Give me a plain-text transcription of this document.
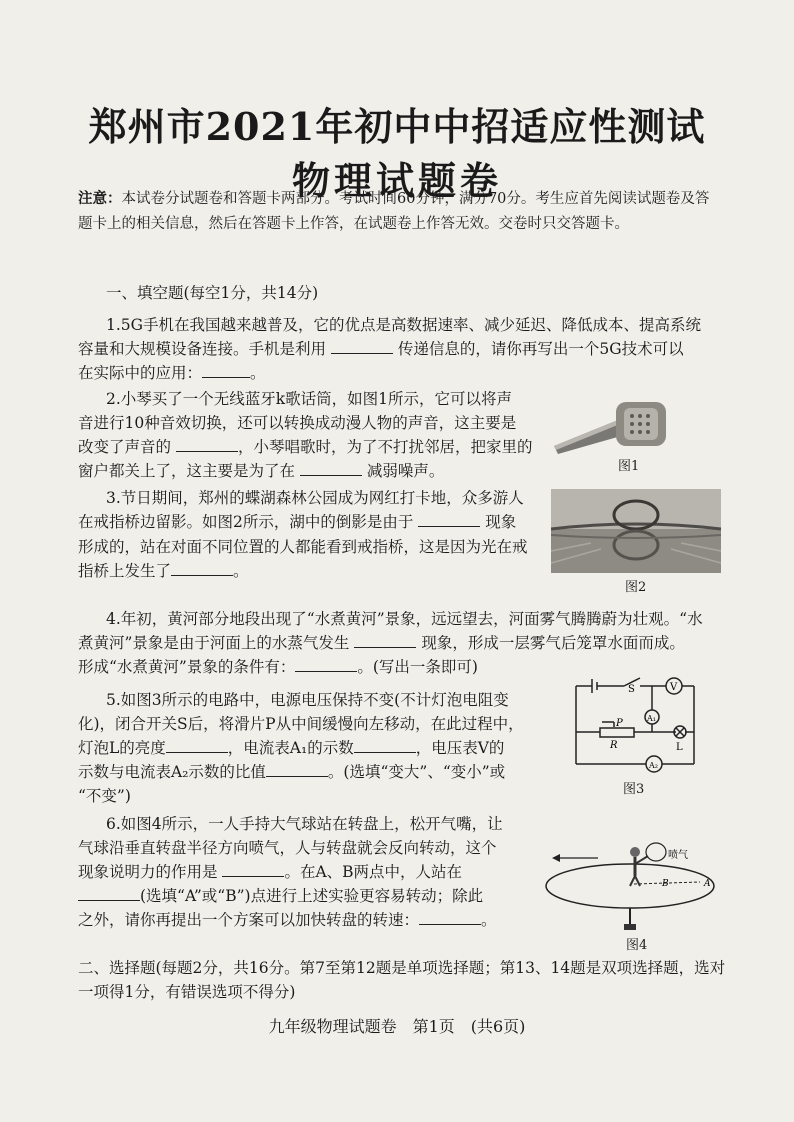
郑州市2021年初中中招适应性测试
物理试题卷
注意：本试卷分试题卷和答题卡两部分。考试时间60分钟，满分70分。考生应首先阅读试题卷及答题卡上的相关信息，然后在答题卡上作答，在试题卷上作答无效。交卷时只交答题卡。
一、填空题(每空1分，共14分)
1.5G手机在我国越来越普及，它的优点是高数据速率、减少延迟、降低成本、提高系统
容量和大规模设备连接。手机是利用	传递信息的，请你再写出一个5G技术可以
在实际中的应用：	。
2.小琴买了一个无线蓝牙k歌话筒，如图1所示，它可以将声
音进行10种音效切换，还可以转换成动漫人物的声音，这主要是
改变了声音的	，小琴唱歌时，为了不打扰邻居，把家里的
窗户都关上了，这主要是为了在	减弱噪声。	图1
3.节日期间，郑州的蝶湖森林公园成为网红打卡地，众多游人
在戒指桥边留影。如图2所示，湖中的倒影是由于	现象
形成的，站在对面不同位置的人都能看到戒指桥，这是因为光在戒
指桥上发生了	。
图2
4.年初，黄河部分地段出现了“水煮黄河”景象，远远望去，河面雾气腾腾蔚为壮观。“水
煮黄河”景象是由于河面上的水蒸气发生	现象，形成一层雾气后笼罩水面而成。
形成“水煮黄河”景象的条件有：	。(写出一条即可)
5.如图3所示的电路中，电源电压保持不变(不计灯泡电阻变
化)，闭合开关S后，将滑片P从中间缓慢向左移动，在此过程中，
灯泡L的亮度	，电流表A₁的示数	，电压表V的
示数与电流表A₂示数的比值	。(选填“变大”、“变小”或
“不变”)
S	V
A₁
A₂
P
R	L
图3
6.如图4所示，一人手持大气球站在转盘上，松开气嘴，让
气球沿垂直转盘半径方向喷气，人与转盘就会反向转动，这个
现象说明力的作用是	。在A、B两点中，人站在
(选填“A”或“B”)点进行上述实验更容易转动；除此
之外，请你再提出一个方案可以加快转盘的转速：	。
喷气
B	A
图4
二、选择题(每题2分，共16分。第7至第12题是单项选择题；第13、14题是双项选择题，选对一项得1分，有错误选项不得分)
九年级物理试题卷　第1页　(共6页)
